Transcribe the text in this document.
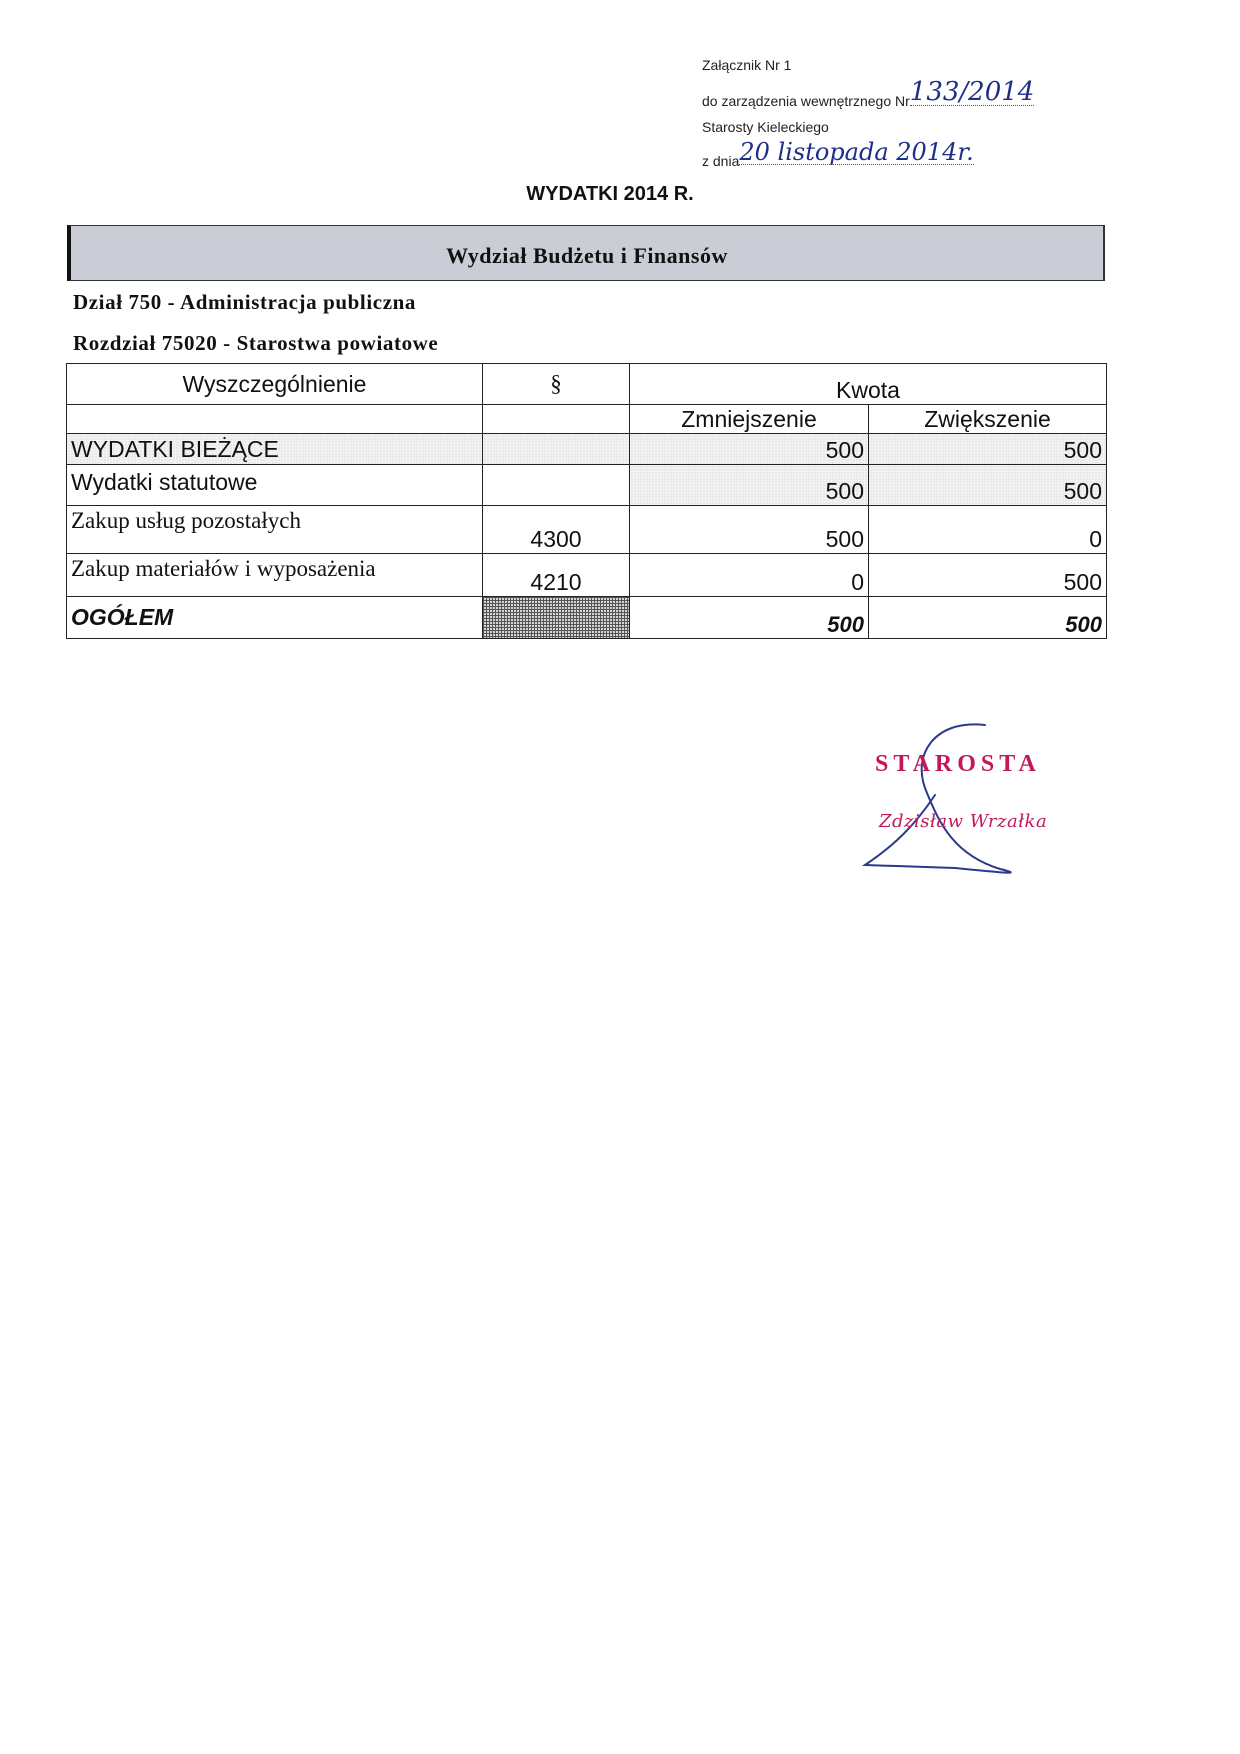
Załącznik Nr 1
do zarządzenia wewnętrznego Nr133/2014
Starosty Kieleckiego
z dnia20 listopada 2014r.
WYDATKI 2014 R.
Wydział Budżetu i Finansów
Dział 750 - Administracja publiczna
Rozdział 75020 - Starostwa powiatowe
Wyszczególnienie	§	Kwota	
		Zmniejszenie	Zwiększenie
WYDATKI BIEŻĄCE		500	500
Wydatki statutowe		500	500
Zakup usług pozostałych	4300	500	0
Zakup materiałów i wyposażenia	4210	0	500
OGÓŁEM		500	500
STAROSTA
Zdzisław Wrzałka
